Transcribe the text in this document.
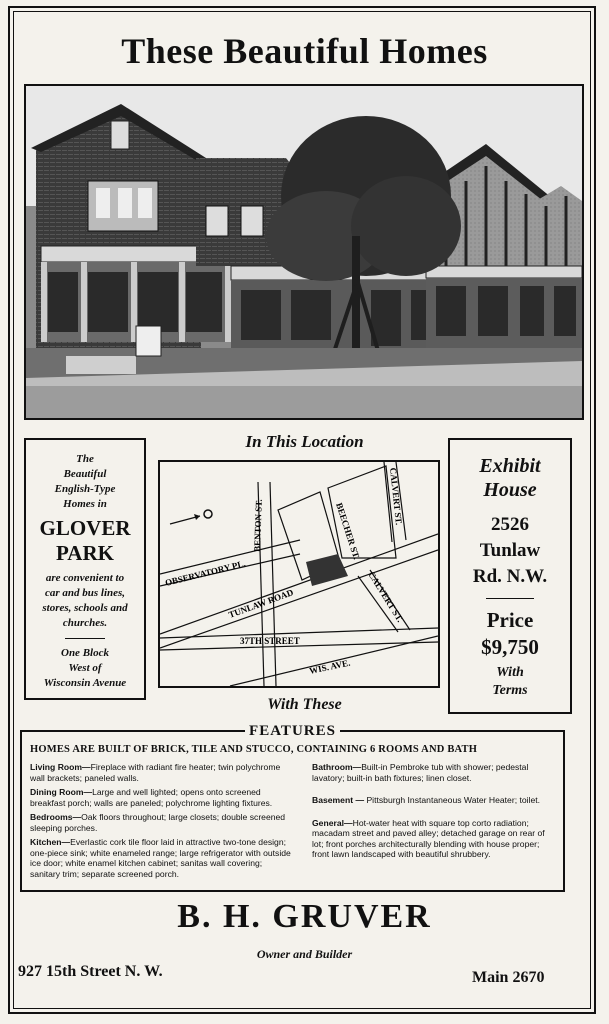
These Beautiful Homes
In This Location
The
Beautiful
English-Type
Homes in
GLOVER
PARK
are convenient to
car and bus lines,
stores, schools and
churches.
One Block
West of
Wisconsin Avenue
BENTON ST.
OBSERVATORY PL.
BEECHER ST.
CALVERT ST.
TUNLAW ROAD	CALVERT ST.
37TH STREET
WIS. AVE.
Exhibit
House
2526
Tunlaw
Rd. N.W.
Price
$9,750
With
Terms
With These
FEATURES
HOMES ARE BUILT OF BRICK, TILE AND STUCCO, CONTAINING 6 ROOMS AND BATH
Living Room—Fireplace with radiant fire heater; twin polychrome wall brackets; paneled walls.
Dining Room—Large and well lighted; opens onto screened breakfast porch; walls are paneled; polychrome lighting fixtures.
Bedrooms—Oak floors throughout; large closets; double screened sleeping porches.
Kitchen—Everlastic cork tile floor laid in attractive two-tone design; one-piece sink; white enameled range; large refrigerator with outside ice door; white enamel kitchen cabinet; sanitas wall covering; sanitary trim; separate screened porch.
Bathroom—Built-in Pembroke tub with shower; pedestal lavatory; built-in bath fixtures; linen closet.
Basement — Pittsburgh Instantaneous Water Heater; toilet.
General—Hot-water heat with square top corto radiation; macadam street and paved alley; detached garage on rear of lot; front porches architecturally blending with house proper; front lawn landscaped with beautiful shrubbery.
B. H. GRUVER
Owner and Builder
927 15th Street N. W.	Main 2670
